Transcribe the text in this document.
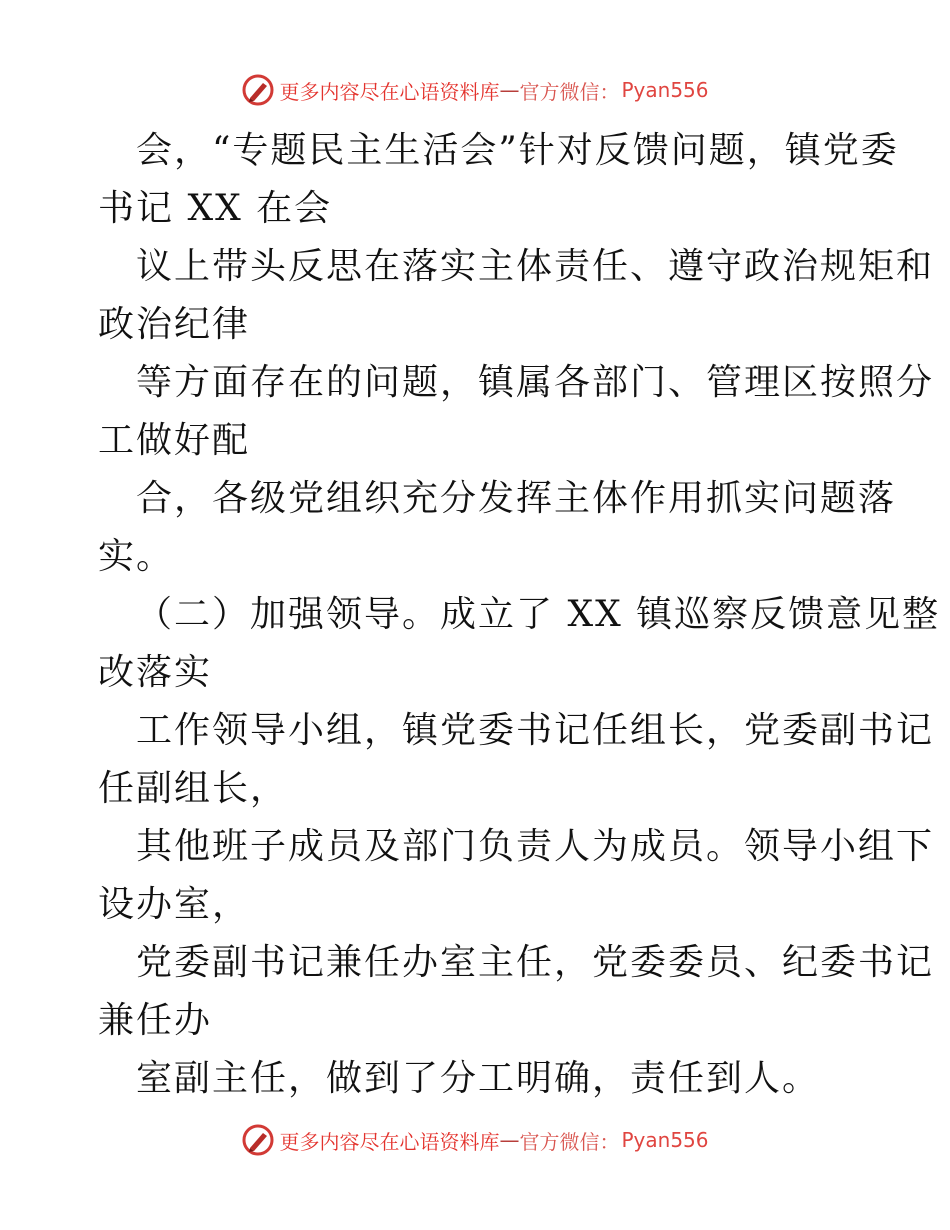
更多内容尽在心语资料库 — 官方微信： Pyan556

会，“专题民主生活会”针对反馈问题，镇党委

书记 XX 在会

议上带头反思在落实主体责任、遵守政治规矩和

政治纪律

等方面存在的问题，镇属各部门、管理区按照分

工做好配

合，各级党组织充分发挥主体作用抓实问题落

实。

（二）加强领导。成立了 XX 镇巡察反馈意见整

改落实

工作领导小组，镇党委书记任组长，党委副书记

任副组长，

其他班子成员及部门负责人为成员。领导小组下

设办室，

党委副书记兼任办室主任，党委委员、纪委书记

兼任办

室副主任，做到了分工明确，责任到人。

更多内容尽在心语资料库 — 官方微信： Pyan556
